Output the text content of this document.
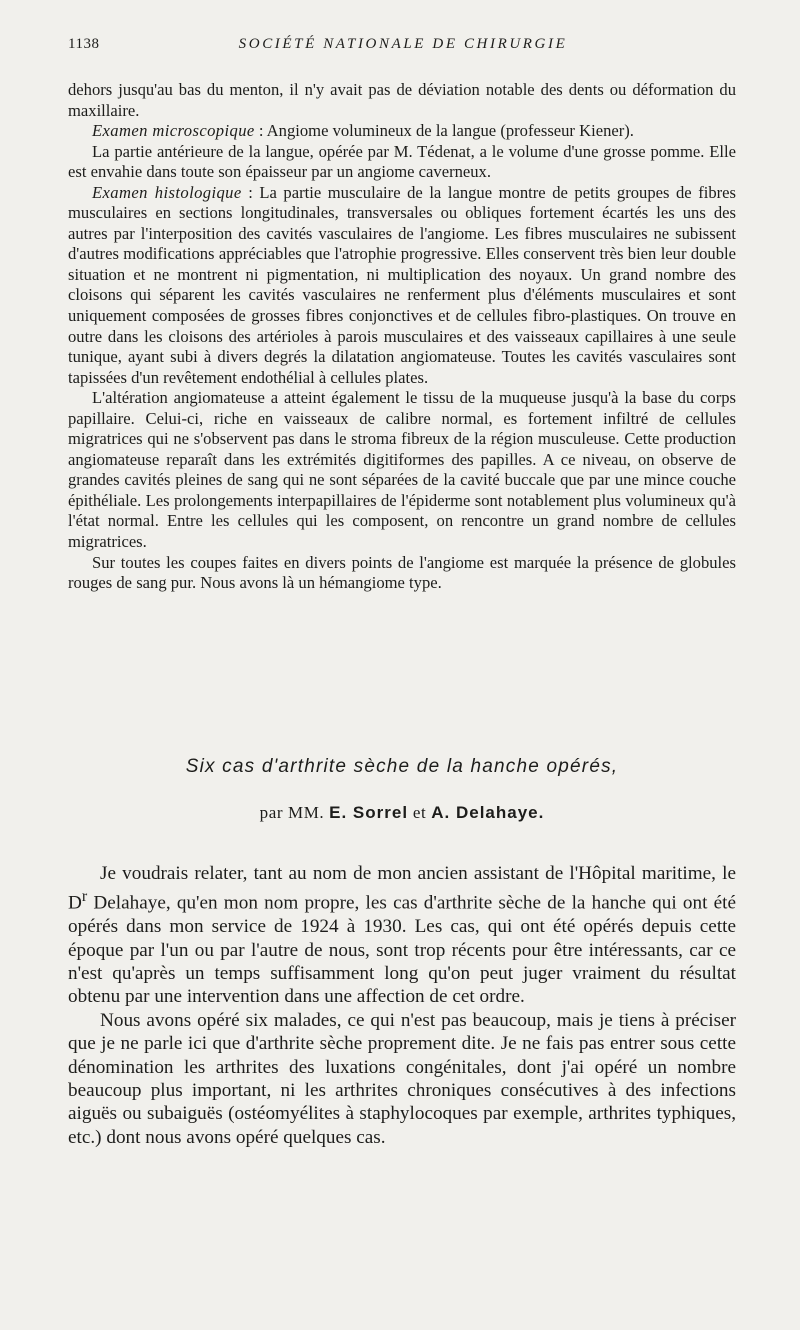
1138	SOCIÉTÉ NATIONALE DE CHIRURGIE

dehors jusqu'au bas du menton, il n'y avait pas de déviation notable des dents ou déformation du maxillaire.

Examen microscopique : Angiome volumineux de la langue (professeur Kiener).

La partie antérieure de la langue, opérée par M. Tédenat, a le volume d'une grosse pomme. Elle est envahie dans toute son épaisseur par un angiome caverneux.

Examen histologique : La partie musculaire de la langue montre de petits groupes de fibres musculaires en sections longitudinales, transversales ou obliques fortement écartés les uns des autres par l'interposition des cavités vasculaires de l'angiome. Les fibres musculaires ne subissent d'autres modifications appréciables que l'atrophie progressive. Elles conservent très bien leur double situation et ne montrent ni pigmentation, ni multiplication des noyaux. Un grand nombre des cloisons qui séparent les cavités vasculaires ne renferment plus d'éléments musculaires et sont uniquement composées de grosses fibres conjonctives et de cellules fibro-plastiques. On trouve en outre dans les cloisons des artérioles à parois musculaires et des vaisseaux capillaires à une seule tunique, ayant subi à divers degrés la dilatation angiomateuse. Toutes les cavités vasculaires sont tapissées d'un revêtement endothélial à cellules plates.

L'altération angiomateuse a atteint également le tissu de la muqueuse jusqu'à la base du corps papillaire. Celui-ci, riche en vaisseaux de calibre normal, es fortement infiltré de cellules migratrices qui ne s'observent pas dans le stroma fibreux de la région musculeuse. Cette production angiomateuse reparaît dans les extrémités digitiformes des papilles. A ce niveau, on observe de grandes cavités pleines de sang qui ne sont séparées de la cavité buccale que par une mince couche épithéliale. Les prolongements interpapillaires de l'épiderme sont notablement plus volumineux qu'à l'état normal. Entre les cellules qui les composent, on rencontre un grand nombre de cellules migratrices.

Sur toutes les coupes faites en divers points de l'angiome est marquée la présence de globules rouges de sang pur. Nous avons là un hémangiome type.

Six cas d'arthrite sèche de la hanche opérés,
par MM. E. Sorrel et A. Delahaye.

Je voudrais relater, tant au nom de mon ancien assistant de l'Hôpital maritime, le $D^r$ Delahaye, qu'en mon nom propre, les cas d'arthrite sèche de la hanche qui ont été opérés dans mon service de 1924 à 1930. Les cas, qui ont été opérés depuis cette époque par l'un ou par l'autre de nous, sont trop récents pour être intéressants, car ce n'est qu'après un temps suffisamment long qu'on peut juger vraiment du résultat obtenu par une intervention dans une affection de cet ordre.

Nous avons opéré six malades, ce qui n'est pas beaucoup, mais je tiens à préciser que je ne parle ici que d'arthrite sèche proprement dite. Je ne fais pas entrer sous cette dénomination les arthrites des luxations congénitales, dont j'ai opéré un nombre beaucoup plus important, ni les arthrites chroniques consécutives à des infections aiguës ou subaiguës (ostéomyélites à staphylocoques par exemple, arthrites typhiques, etc.) dont nous avons opéré quelques cas.
